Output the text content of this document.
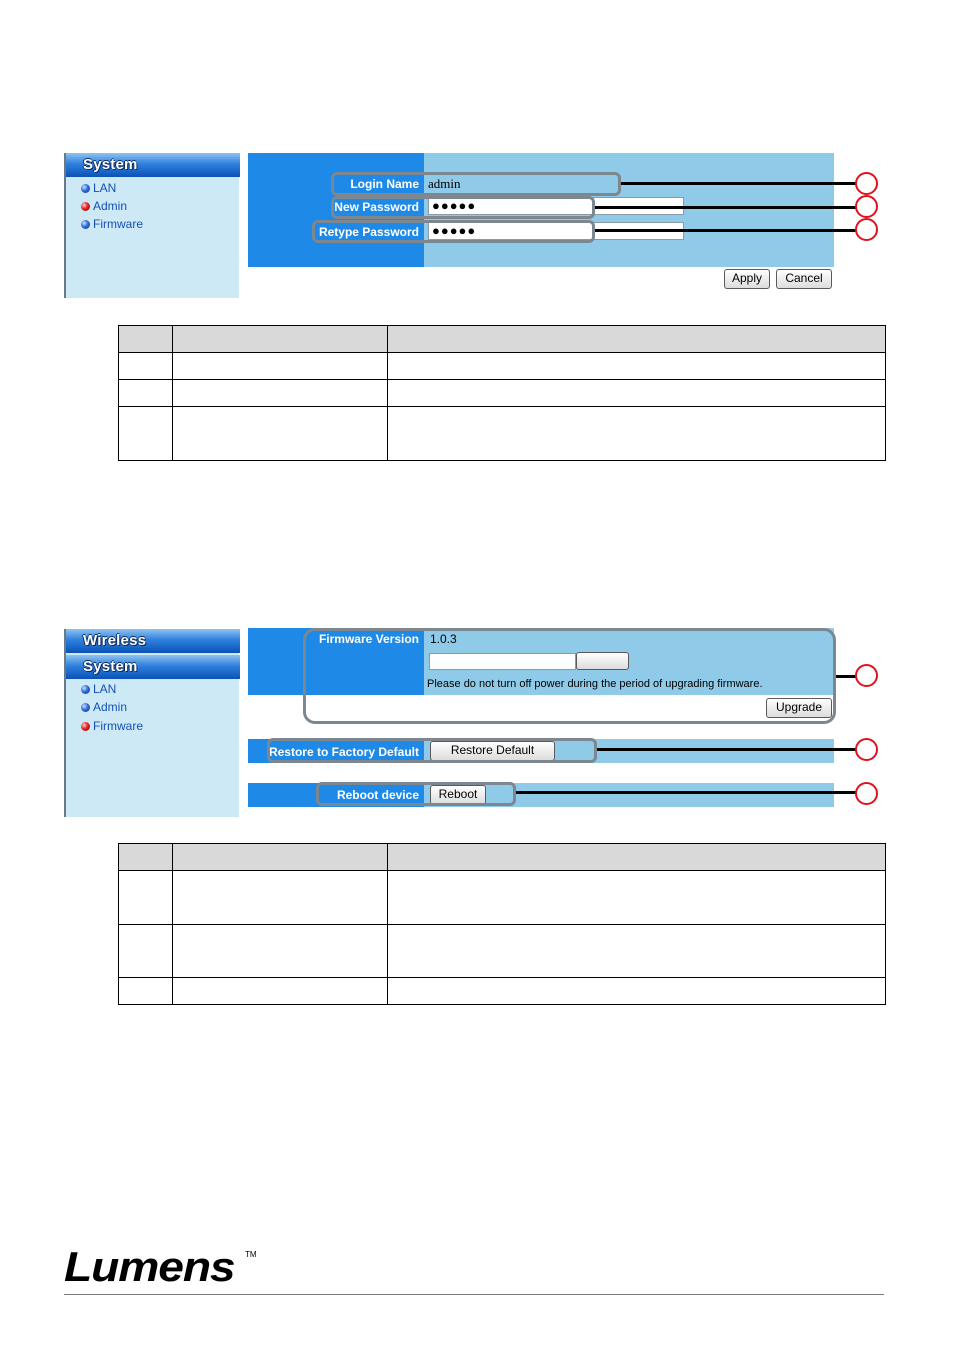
System
LAN
Admin
Firmware
Login Name admin
New Password	●●●●●
Retype Password	●●●●●
Apply	Cancel

Wireless
System
LAN
Admin
Firmware
Firmware Version 1.0.3
Please do not turn off power during the period of upgrading firmware.
Upgrade
Restore to Factory Default	Restore Default
Reboot device	Reboot

Lumens TM
